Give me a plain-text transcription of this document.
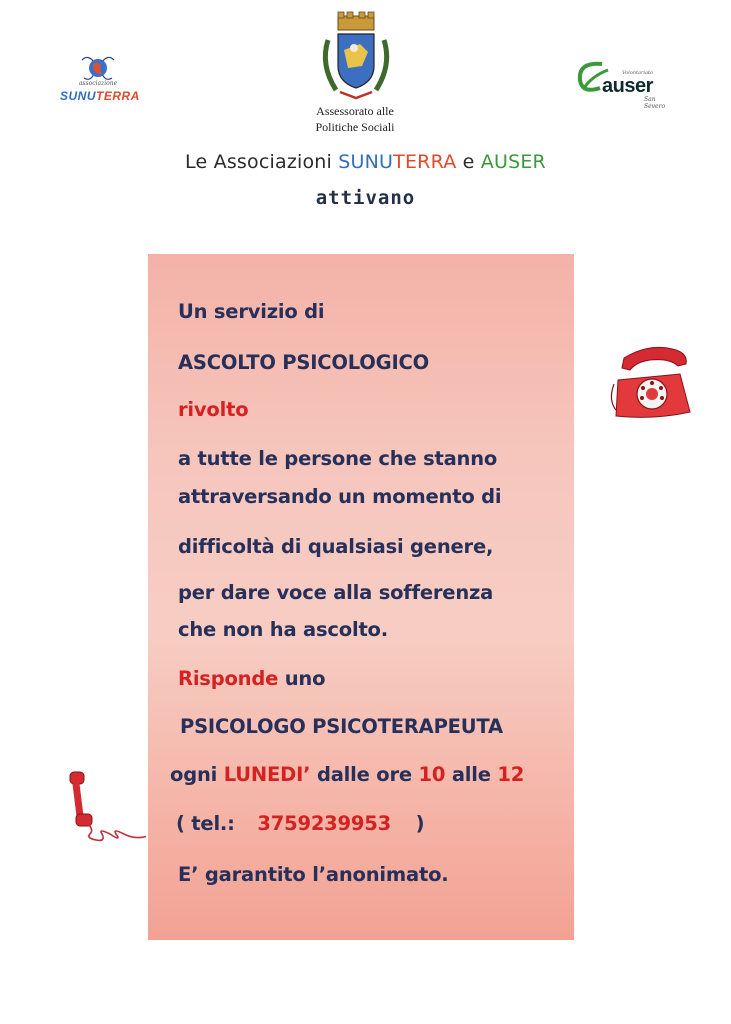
associazione
SUNUTERRA
Assessorato alle
Politiche Sociali
Volontariato
auser
San Severo
Le Associazioni SUNUTERRA e AUSER
attivano
Un servizio di
ASCOLTO PSICOLOGICO
rivolto
a tutte le persone che stanno
attraversando un momento di
difficoltà di qualsiasi genere,
per dare voce alla sofferenza
che non ha ascolto.
Risponde uno
PSICOLOGO PSICOTERAPEUTA
ogni LUNEDI’ dalle ore 10 alle 12
( tel.: 3759239953 )
E’ garantito l’anonimato.
